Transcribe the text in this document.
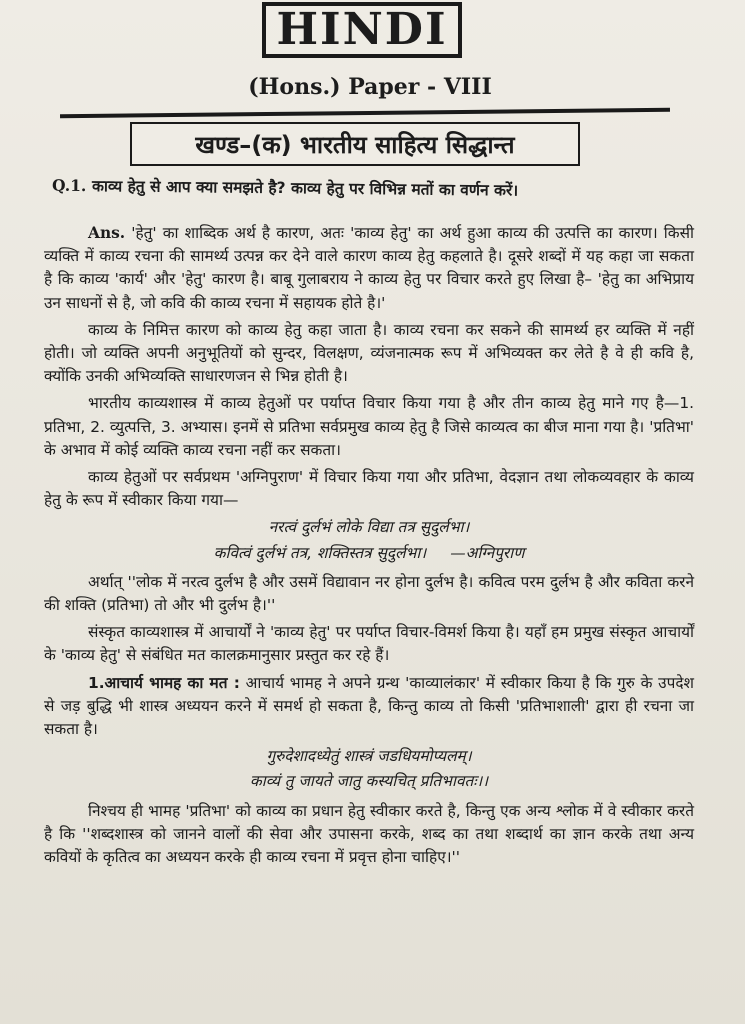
HINDI
(Hons.) Paper - VIII
खण्ड–(क) भारतीय साहित्य सिद्धान्त
Q.1. काव्य हेतु से आप क्या समझते है? काव्य हेतु पर विभिन्न मतों का वर्णन करें।

Ans. 'हेतु' का शाब्दिक अर्थ है कारण, अतः 'काव्य हेतु' का अर्थ हुआ काव्य की उत्पत्ति का कारण। किसी व्यक्ति में काव्य रचना की सामर्थ्य उत्पन्न कर देने वाले कारण काव्य हेतु कहलाते है। दूसरे शब्दों में यह कहा जा सकता है कि काव्य 'कार्य' और 'हेतु' कारण है। बाबू गुलाबराय ने काव्य हेतु पर विचार करते हुए लिखा है– 'हेतु का अभिप्राय उन साधनों से है, जो कवि की काव्य रचना में सहायक होते है।'

काव्य के निमित्त कारण को काव्य हेतु कहा जाता है। काव्य रचना कर सकने की सामर्थ्य हर व्यक्ति में नहीं होती। जो व्यक्ति अपनी अनुभूतियों को सुन्दर, विलक्षण, व्यंजनात्मक रूप में अभिव्यक्त कर लेते है वे ही कवि है, क्योंकि उनकी अभिव्यक्ति साधारणजन से भिन्न होती है।

भारतीय काव्यशास्त्र में काव्य हेतुओं पर पर्याप्त विचार किया गया है और तीन काव्य हेतु माने गए है—1. प्रतिभा, 2. व्युत्पत्ति, 3. अभ्यास। इनमें से प्रतिभा सर्वप्रमुख काव्य हेतु है जिसे काव्यत्व का बीज माना गया है। 'प्रतिभा' के अभाव में कोई व्यक्ति काव्य रचना नहीं कर सकता।

काव्य हेतुओं पर सर्वप्रथम 'अग्निपुराण' में विचार किया गया और प्रतिभा, वेदज्ञान तथा लोकव्यवहार के काव्य हेतु के रूप में स्वीकार किया गया—

नरत्वं दुर्लभं लोके विद्या तत्र सुदुर्लभा।
कवित्वं दुर्लभं तत्र, शक्तिस्तत्र सुदुर्लभा। —अग्निपुराण

अर्थात् ''लोक में नरत्व दुर्लभ है और उसमें विद्यावान नर होना दुर्लभ है। कवित्व परम दुर्लभ है और कविता करने की शक्ति (प्रतिभा) तो और भी दुर्लभ है।''

संस्कृत काव्यशास्त्र में आचार्यों ने 'काव्य हेतु' पर पर्याप्त विचार-विमर्श किया है। यहाँ हम प्रमुख संस्कृत आचार्यों के 'काव्य हेतु' से संबंधित मत कालक्रमानुसार प्रस्तुत कर रहे हैं।

1.आचार्य भामह का मत : आचार्य भामह ने अपने ग्रन्थ 'काव्यालंकार' में स्वीकार किया है कि गुरु के उपदेश से जड़ बुद्धि भी शास्त्र अध्ययन करने में समर्थ हो सकता है, किन्तु काव्य तो किसी 'प्रतिभाशाली' द्वारा ही रचना जा सकता है।

गुरुदेशादध्येतुं शास्त्रं जडधियमोप्यलम्।
काव्यं तु जायते जातु कस्यचित् प्रतिभावतः।।

निश्चय ही भामह 'प्रतिभा' को काव्य का प्रधान हेतु स्वीकार करते है, किन्तु एक अन्य श्लोक में वे स्वीकार करते है कि ''शब्दशास्त्र को जानने वालों की सेवा और उपासना करके, शब्द का तथा शब्दार्थ का ज्ञान करके तथा अन्य कवियों के कृतित्व का अध्ययन करके ही काव्य रचना में प्रवृत्त होना चाहिए।''
